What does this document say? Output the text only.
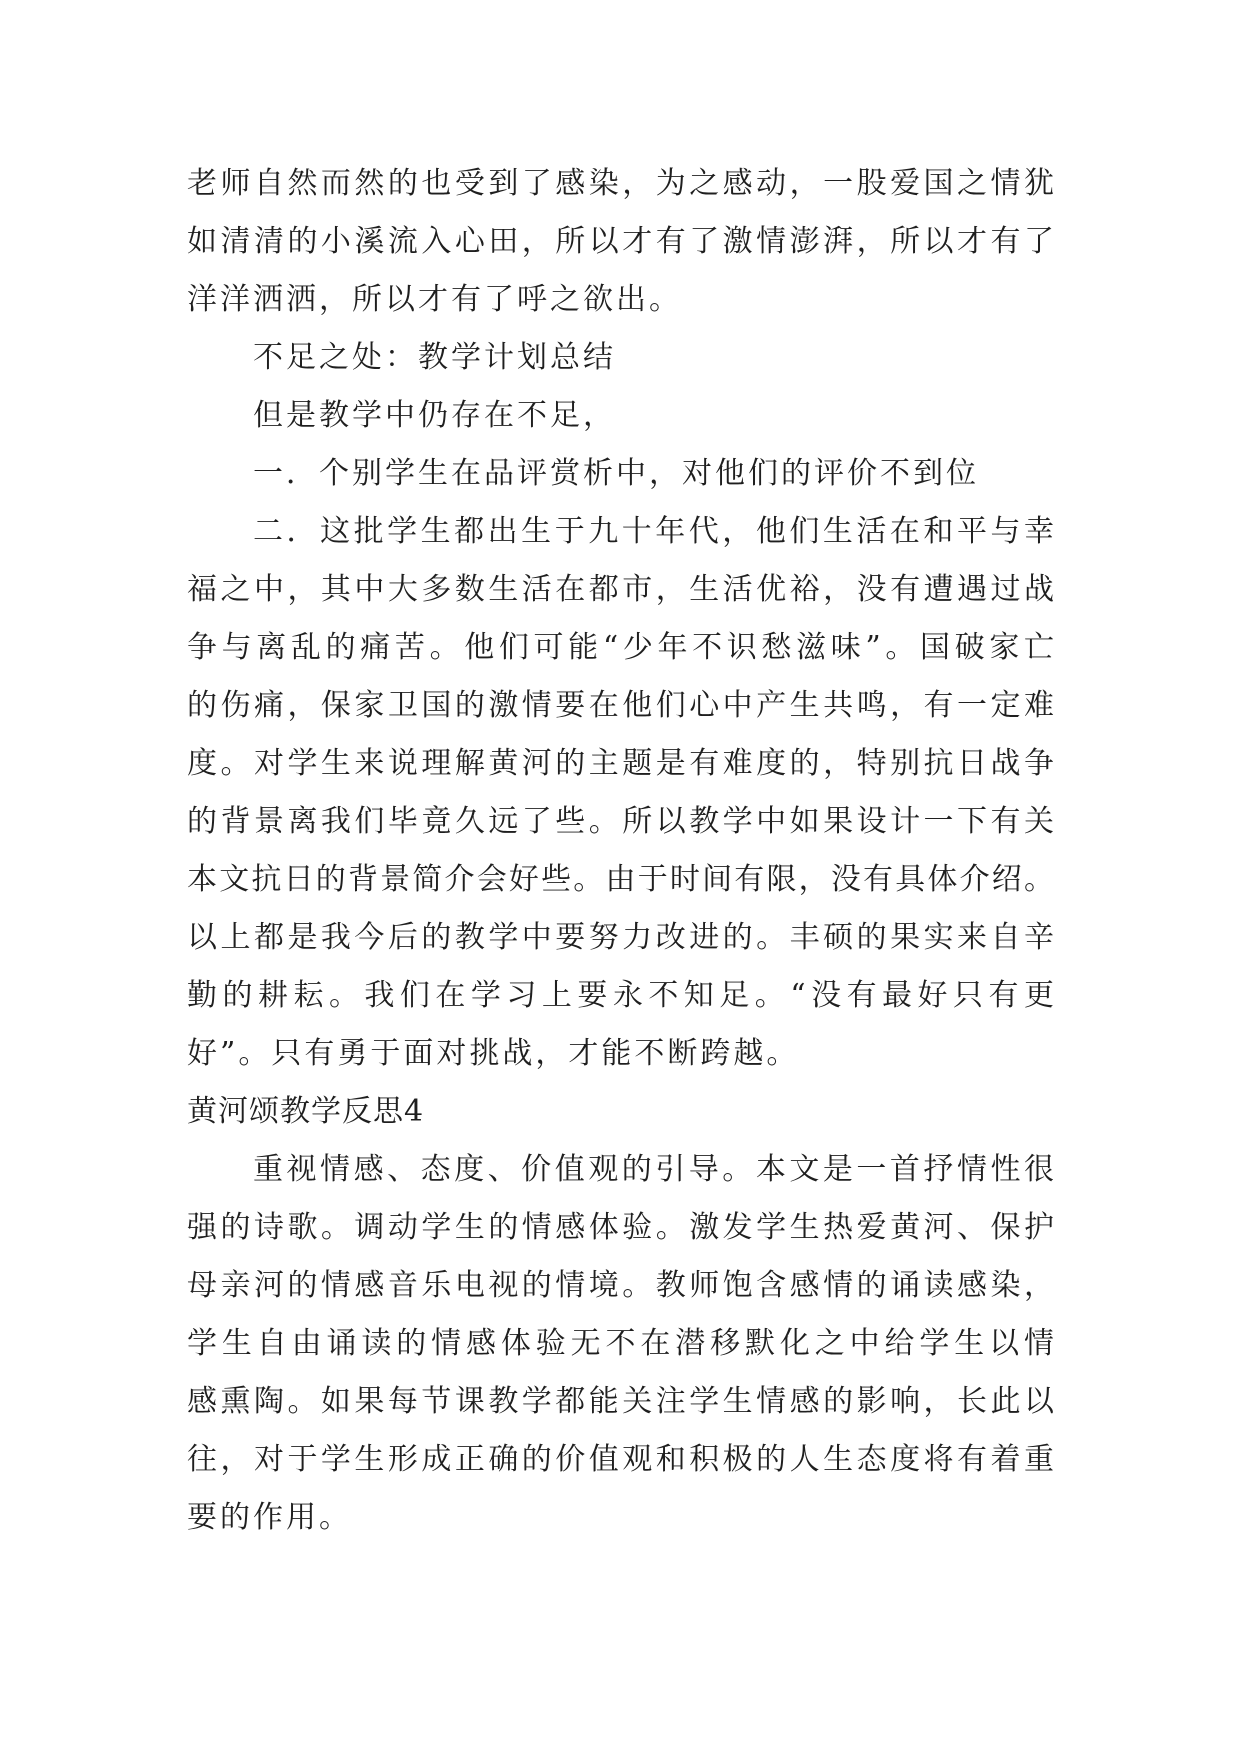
老师自然而然的也受到了感染，为之感动，一股爱国之情犹
如清清的小溪流入心田，所以才有了激情澎湃，所以才有了
洋洋洒洒，所以才有了呼之欲出。
不足之处：教学计划总结
但是教学中仍存在不足，
一．个别学生在品评赏析中，对他们的评价不到位
二．这批学生都出生于九十年代，他们生活在和平与幸
福之中，其中大多数生活在都市，生活优裕，没有遭遇过战
争与离乱的痛苦。他们可能“少年不识愁滋味”。国破家亡
的伤痛，保家卫国的激情要在他们心中产生共鸣，有一定难
度。对学生来说理解黄河的主题是有难度的，特别抗日战争
的背景离我们毕竟久远了些。所以教学中如果设计一下有关
本文抗日的背景简介会好些。由于时间有限，没有具体介绍。
以上都是我今后的教学中要努力改进的。丰硕的果实来自辛
勤的耕耘。我们在学习上要永不知足。“没有最好只有更
好”。只有勇于面对挑战，才能不断跨越。
黄河颂教学反思4
重视情感、态度、价值观的引导。本文是一首抒情性很
强的诗歌。调动学生的情感体验。激发学生热爱黄河、保护
母亲河的情感音乐电视的情境。教师饱含感情的诵读感染，
学生自由诵读的情感体验无不在潜移默化之中给学生以情
感熏陶。如果每节课教学都能关注学生情感的影响，长此以
往，对于学生形成正确的价值观和积极的人生态度将有着重
要的作用。
